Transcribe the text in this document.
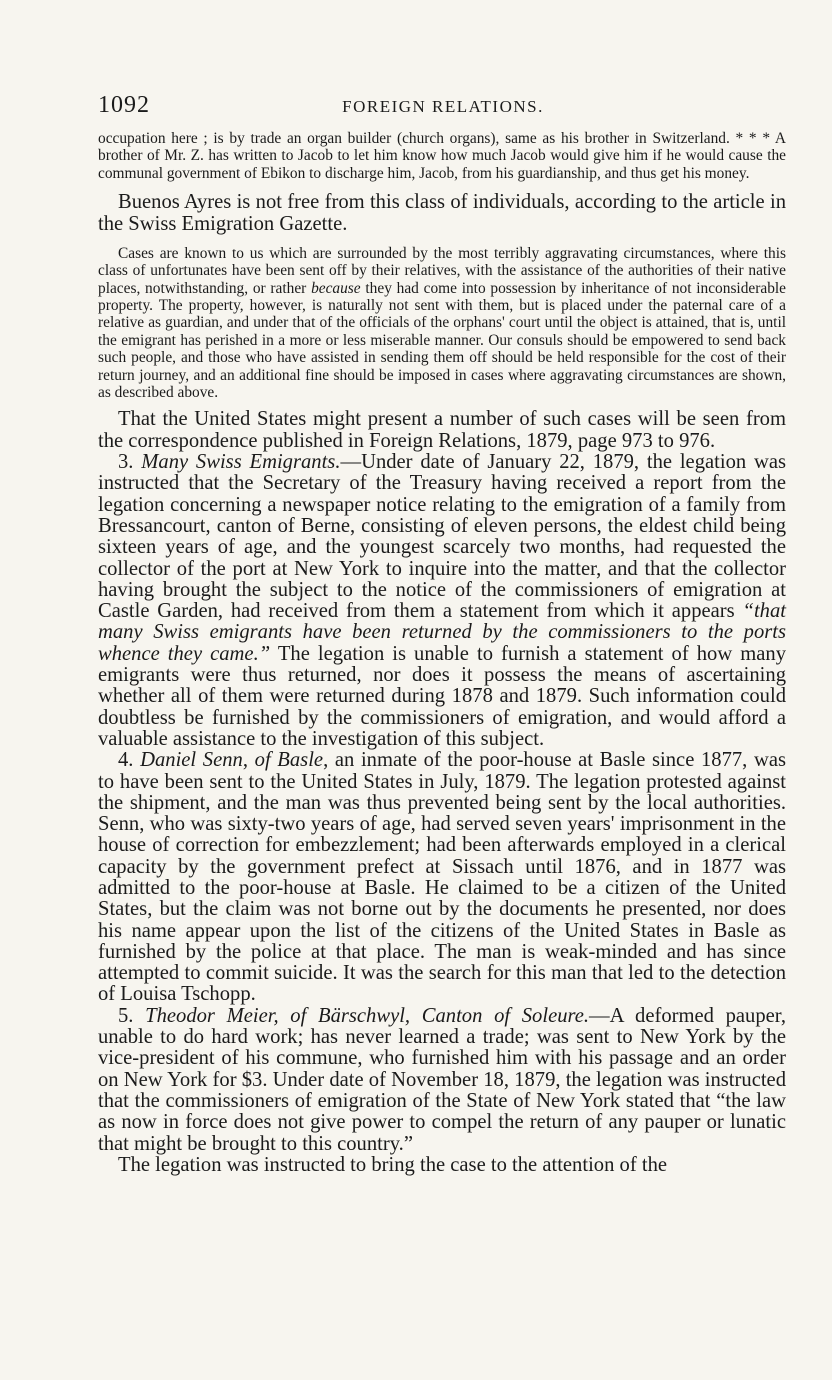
1092	FOREIGN RELATIONS.

occupation here ; is by trade an organ builder (church organs), same as his brother in Switzerland. * * * A brother of Mr. Z. has written to Jacob to let him know how much Jacob would give him if he would cause the communal government of Ebikon to discharge him, Jacob, from his guardianship, and thus get his money.

Buenos Ayres is not free from this class of individuals, according to the article in the Swiss Emigration Gazette.

Cases are known to us which are surrounded by the most terribly aggravating circumstances, where this class of unfortunates have been sent off by their relatives, with the assistance of the authorities of their native places, notwithstanding, or rather because they had come into possession by inheritance of not inconsiderable property. The property, however, is naturally not sent with them, but is placed under the paternal care of a relative as guardian, and under that of the officials of the orphans' court until the object is attained, that is, until the emigrant has perished in a more or less miserable manner. Our consuls should be empowered to send back such people, and those who have assisted in sending them off should be held responsible for the cost of their return journey, and an additional fine should be imposed in cases where aggravating circumstances are shown, as described above.

That the United States might present a number of such cases will be seen from the correspondence published in Foreign Relations, 1879, page 973 to 976.

3. Many Swiss Emigrants.—Under date of January 22, 1879, the legation was instructed that the Secretary of the Treasury having received a report from the legation concerning a newspaper notice relating to the emigration of a family from Bressancourt, canton of Berne, consisting of eleven persons, the eldest child being sixteen years of age, and the youngest scarcely two months, had requested the collector of the port at New York to inquire into the matter, and that the collector having brought the subject to the notice of the commissioners of emigration at Castle Garden, had received from them a statement from which it appears “that many Swiss emigrants have been returned by the commissioners to the ports whence they came.” The legation is unable to furnish a statement of how many emigrants were thus returned, nor does it possess the means of ascertaining whether all of them were returned during 1878 and 1879. Such information could doubtless be furnished by the commissioners of emigration, and would afford a valuable assistance to the investigation of this subject.

4. Daniel Senn, of Basle, an inmate of the poor-house at Basle since 1877, was to have been sent to the United States in July, 1879. The legation protested against the shipment, and the man was thus prevented being sent by the local authorities. Senn, who was sixty-two years of age, had served seven years' imprisonment in the house of correction for embezzlement; had been afterwards employed in a clerical capacity by the government prefect at Sissach until 1876, and in 1877 was admitted to the poor-house at Basle. He claimed to be a citizen of the United States, but the claim was not borne out by the documents he presented, nor does his name appear upon the list of the citizens of the United States in Basle as furnished by the police at that place. The man is weak-minded and has since attempted to commit suicide. It was the search for this man that led to the detection of Louisa Tschopp.

5. Theodor Meier, of Bärschwyl, Canton of Soleure.—A deformed pauper, unable to do hard work; has never learned a trade; was sent to New York by the vice-president of his commune, who furnished him with his passage and an order on New York for $3. Under date of November 18, 1879, the legation was instructed that the commissioners of emigration of the State of New York stated that “the law as now in force does not give power to compel the return of any pauper or lunatic that might be brought to this country.”

The legation was instructed to bring the case to the attention of the
